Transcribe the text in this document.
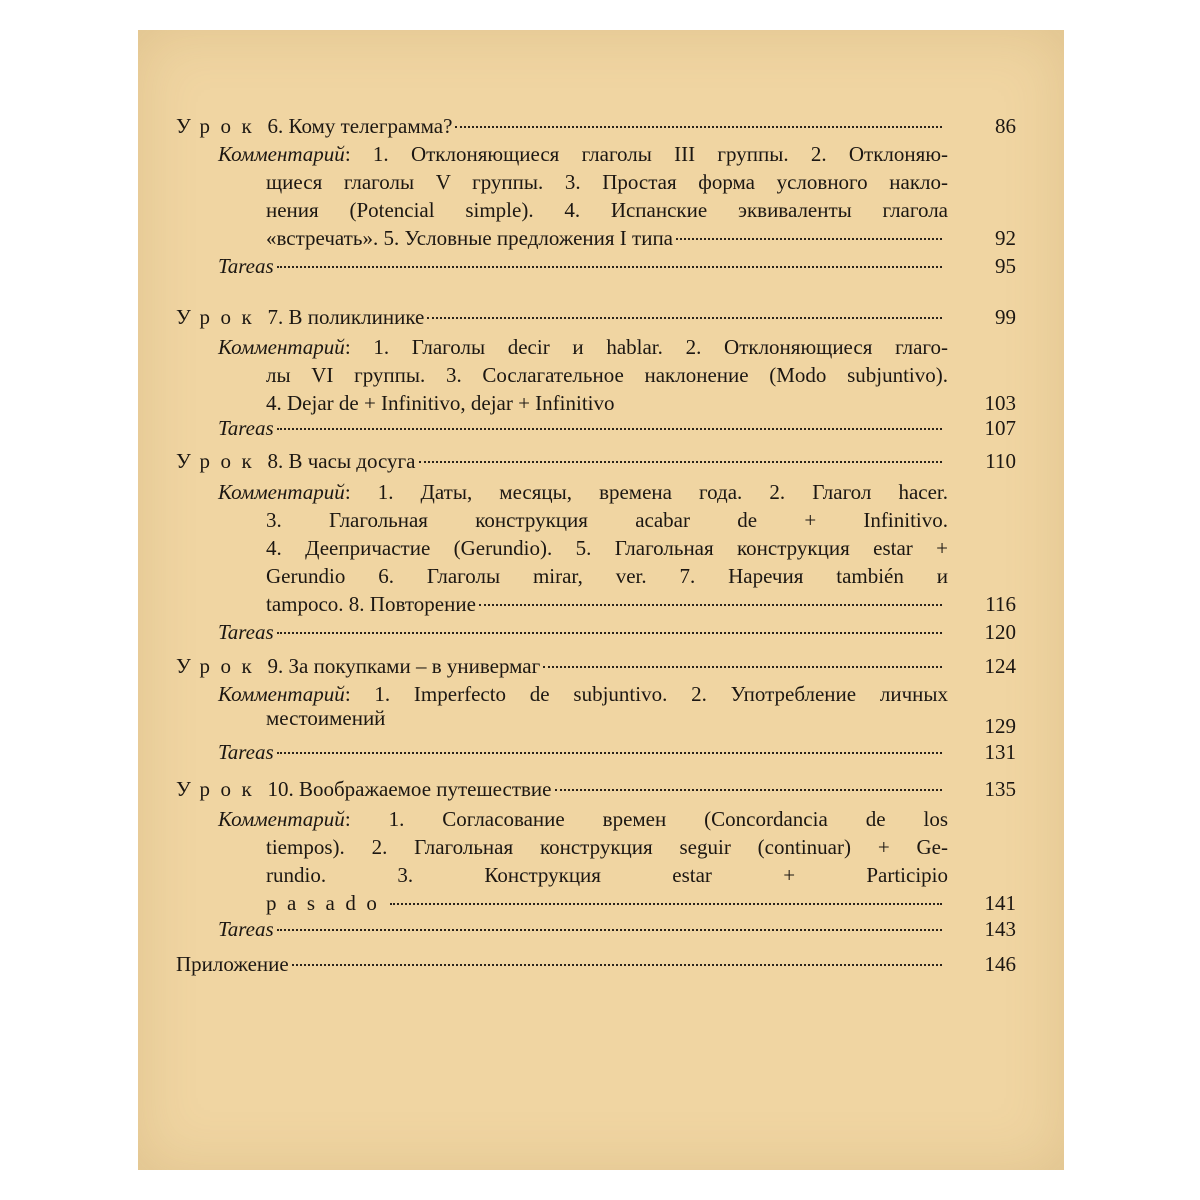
Урок 6. Кому телеграмма?	86
Комментарий: 1. Отклоняющиеся глаголы III группы. 2. Отклоняю-
щиеся глаголы V группы. 3. Простая форма условного накло-
нения (Potencial simple). 4. Испанские эквиваленты глагола
«встречать». 5. Условные предложения I типа	92
Tareas	95
Урок 7. В поликлинике	99
Комментарий: 1. Глаголы decir и hablar. 2. Отклоняющиеся глаго-
лы VI группы. 3. Сослагательное наклонение (Modo subjuntivo).
4. Dejar de + Infinitivo, dejar + Infinitivo	103
Tareas	107
Урок 8. В часы досуга	110
Комментарий: 1. Даты, месяцы, времена года. 2. Глагол hacer.
3. Глагольная конструкция acabar de + Infinitivo.
4. Деепричастие (Gerundio). 5. Глагольная конструкция estar +
Gerundio 6. Глаголы mirar, ver. 7. Наречия también и
tampoco. 8. Повторение	116
Tareas	120
Урок 9. За покупками – в универмаг	124
Комментарий: 1. Imperfecto de subjuntivo. 2. Употребление личных
местоимений	129
Tareas	131
Урок 10. Воображаемое путешествие	135
Комментарий: 1. Согласование времен (Concordancia de los
tiempos). 2. Глагольная конструкция seguir (continuar) + Ge-
rundio. 3. Конструкция estar + Participio
pasado	141
Tareas	143
Приложение	146
